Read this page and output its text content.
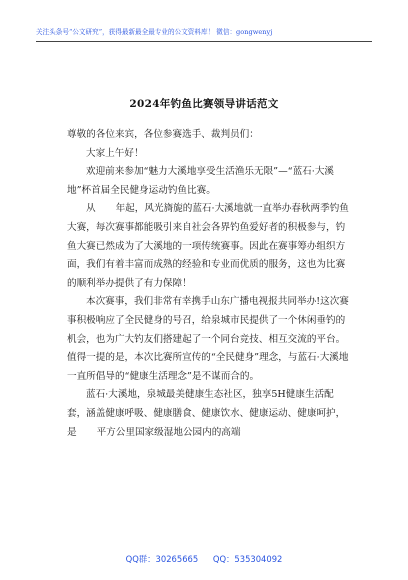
关注头条号“公文研究”，获得最新最全最专业的公文资料库！ 微信：gongwenyj
2024年钓鱼比赛领导讲话范文

尊敬的各位来宾，各位参赛选手、裁判员们：

大家上午好！

欢迎前来参加“魅力大溪地享受生活渔乐无限”—“蓝石·大溪地”杯首届全民健身运动钓鱼比赛。

从 年起，风光旖旎的蓝石·大溪地就一直举办春秋两季钓鱼大赛，每次赛事都能吸引来自社会各界钓鱼爱好者的积极参与，钓鱼大赛已然成为了大溪地的一项传统赛事。因此在赛事筹办组织方面，我们有着丰富而成熟的经验和专业而优质的服务，这也为比赛的顺利举办提供了有力保障！

本次赛事，我们非常有幸携手山东广播电视报共同举办!这次赛事积极响应了全民健身的号召，给泉城市民提供了一个休闲垂钓的机会，也为广大钓友们搭建起了一个同台竞技、相互交流的平台。值得一提的是，本次比赛所宣传的“全民健身”理念，与蓝石·大溪地一直所倡导的“健康生活理念”是不谋而合的。

蓝石·大溪地，泉城最美健康生态社区，独享5H健康生活配套，涵盖健康呼吸、健康膳食、健康饮水、健康运动、健康呵护，是 平方公里国家级湿地公园内的高端

QQ群：30265665 QQ：535304092
